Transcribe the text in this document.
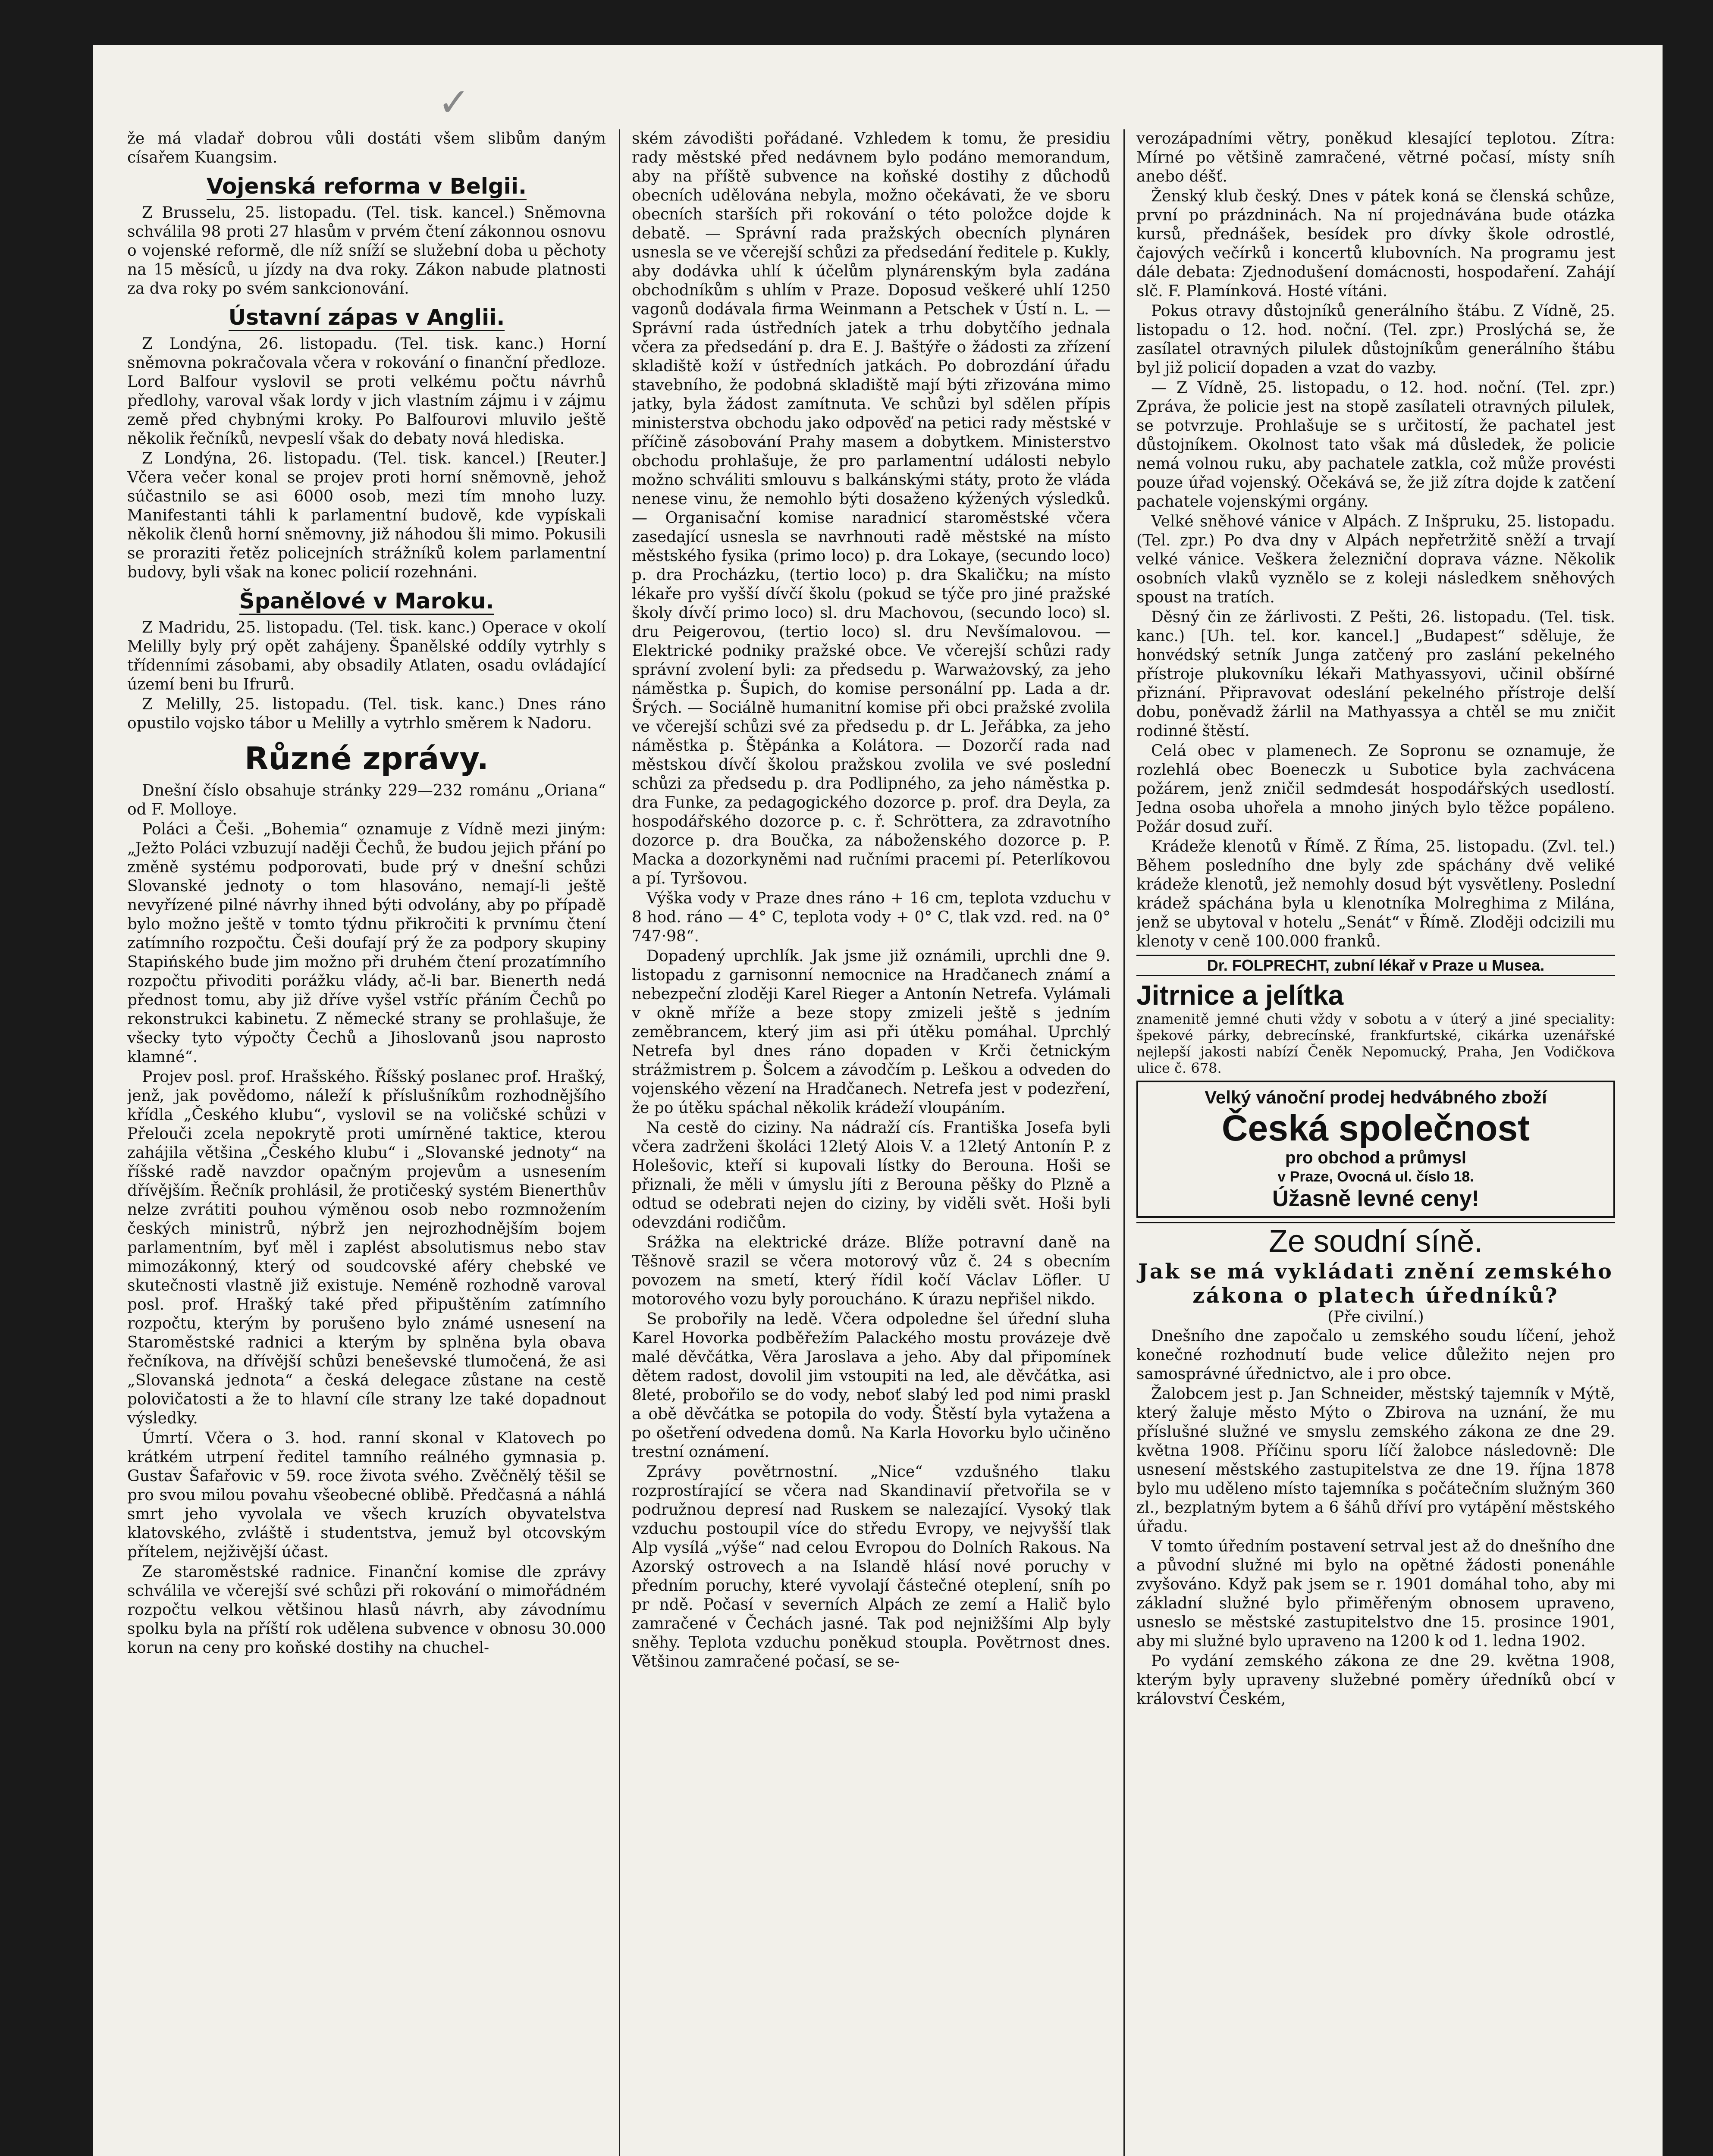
✓

že má vladař dobrou vůli dostáti všem slibům daným císařem Kuangsim.

Vojenská reforma v Belgii.

Z Brusselu, 25. listopadu. (Tel. tisk. kancel.) Sněmovna schválila 98 proti 27 hlasům v prvém čtení zákonnou osnovu o vojenské reformě, dle níž sníží se služební doba u pěchoty na 15 měsíců, u jízdy na dva roky. Zákon nabude platnosti za dva roky po svém sankcionování.

Ústavní zápas v Anglii.

Z Londýna, 26. listopadu. (Tel. tisk. kanc.) Horní sněmovna pokračovala včera v rokování o finanční předloze. Lord Balfour vyslovil se proti velkému počtu návrhů předlohy, varoval však lordy v jich vlastním zájmu i v zájmu země před chybnými kroky. Po Balfourovi mluvilo ještě několik řečníků, nevpeslí však do debaty nová hlediska.

Z Londýna, 26. listopadu. (Tel. tisk. kancel.) [Reuter.] Včera večer konal se projev proti horní sněmovně, jehož súčastnilo se asi 6000 osob, mezi tím mnoho luzy. Manifestanti táhli k parlamentní budově, kde vypískali několik členů horní sněmovny, již náhodou šli mimo. Pokusili se proraziti řetěz policejních strážníků kolem parlamentní budovy, byli však na konec policií rozehnáni.

Španělové v Maroku.

Z Madridu, 25. listopadu. (Tel. tisk. kanc.) Operace v okolí Melilly byly prý opět zahájeny. Španělské oddíly vytrhly s třídenními zásobami, aby obsadily Atlaten, osadu ovládající území beni bu Ifrurů.

Z Melilly, 25. listopadu. (Tel. tisk. kanc.) Dnes ráno opustilo vojsko tábor u Melilly a vytrhlo směrem k Nadoru.

Různé zprávy.

Dnešní číslo obsahuje stránky 229—232 románu „Oriana“ od F. Molloye.

Poláci a Češi. „Bohemia“ oznamuje z Vídně mezi jiným: „Ježto Poláci vzbuzují naději Čechů, že budou jejich přání po změně systému podporovati, bude prý v dnešní schůzi Slovanské jednoty o tom hlasováno, nemají-li ještě nevyřízené pilné návrhy ihned býti odvolány, aby po případě bylo možno ještě v tomto týdnu přikročiti k prvnímu čtení zatímního rozpočtu. Češi doufají prý že za podpory skupiny Stapińského bude jim možno při druhém čtení prozatímního rozpočtu přivoditi porážku vlády, ač-li bar. Bienerth nedá přednost tomu, aby již dříve vyšel vstříc přáním Čechů po rekonstrukci kabinetu. Z německé strany se prohlašuje, že všecky tyto výpočty Čechů a Jihoslovanů jsou naprosto klamné“.

Projev posl. prof. Hrašského. Říšský poslanec prof. Hrašký, jenž, jak povědomo, náleží k příslušníkům rozhodnějšího křídla „Českého klubu“, vyslovil se na voličské schůzi v Přelouči zcela nepokrytě proti umírněné taktice, kterou zahájila většina „Českého klubu“ i „Slovanské jednoty“ na říšské radě navzdor opačným projevům a usnesením dřívějším. Řečník prohlásil, že protičeský systém Bienerthův nelze zvrátiti pouhou výměnou osob nebo rozmnožením českých ministrů, nýbrž jen nejrozhodnějším bojem parlamentním, byť měl i zaplést absolutismus nebo stav mimozákonný, který od soudcovské aféry chebské ve skutečnosti vlastně již existuje. Neméně rozhodně varoval posl. prof. Hrašký také před připuštěním zatímního rozpočtu, kterým by porušeno bylo známé usnesení na Staroměstské radnici a kterým by splněna byla obava řečníkova, na dřívější schůzi beneševské tlumočená, že asi „Slovanská jednota“ a česká delegace zůstane na cestě polovičatosti a že to hlavní cíle strany lze také dopadnout výsledky.

Úmrtí. Včera o 3. hod. ranní skonal v Klatovech po krátkém utrpení ředitel tamního reálného gymnasia p. Gustav Šafařovic v 59. roce života svého. Zvěčnělý těšil se pro svou milou povahu všeobecné oblibě. Předčasná a náhlá smrt jeho vyvolala ve všech kruzích obyvatelstva klatovského, zvláště i studentstva, jemuž byl otcovským přítelem, nejživější účast.

Ze staroměstské radnice. Finanční komise dle zprávy schválila ve včerejší své schůzi při rokování o mimořádném rozpočtu velkou většinou hlasů návrh, aby závodnímu spolku byla na příští rok udělena subvence v obnosu 30.000 korun na ceny pro koňské dostihy na chuchel-

ském závodišti pořádané. Vzhledem k tomu, že presidiu rady městské před nedávnem bylo podáno memorandum, aby na příště subvence na koňské dostihy z důchodů obecních udělována nebyla, možno očekávati, že ve sboru obecních starších při rokování o této položce dojde k debatě. — Správní rada pražských obecních plynáren usnesla se ve včerejší schůzi za předsedání ředitele p. Kukly, aby dodávka uhlí k účelům plynárenským byla zadána obchodníkům s uhlím v Praze. Doposud veškeré uhlí 1250 vagonů dodávala firma Weinmann a Petschek v Ústí n. L. — Správní rada ústředních jatek a trhu dobytčího jednala včera za předsedání p. dra E. J. Baštýře o žádosti za zřízení skladiště koží v ústředních jatkách. Po dobrozdání úřadu stavebního, že podobná skladiště mají býti zřizována mimo jatky, byla žádost zamítnuta. Ve schůzi byl sdělen přípis ministerstva obchodu jako odpověď na petici rady městské v příčině zásobování Prahy masem a dobytkem. Ministerstvo obchodu prohlašuje, že pro parlamentní události nebylo možno schváliti smlouvu s balkánskými státy, proto že vláda nenese vinu, že nemohlo býti dosaženo kýžených výsledků. — Organisační komise naradnicí staroměstské včera zasedající usnesla se navrhnouti radě městské na místo městského fysika (primo loco) p. dra Lokaye, (secundo loco) p. dra Procházku, (tertio loco) p. dra Skaličku; na místo lékaře pro vyšší dívčí školu (pokud se týče pro jiné pražské školy dívčí primo loco) sl. dru Machovou, (secundo loco) sl. dru Peigerovou, (tertio loco) sl. dru Nevšímalovou. — Elektrické podniky pražské obce. Ve včerejší schůzi rady správní zvolení byli: za předsedu p. Warważovský, za jeho náměstka p. Šupich, do komise personální pp. Lada a dr. Šrých. — Sociálně humanitní komise při obci pražské zvolila ve včerejší schůzi své za předsedu p. dr L. Jeřábka, za jeho náměstka p. Štěpánka a Kolátora. — Dozorčí rada nad městskou dívčí školou pražskou zvolila ve své poslední schůzi za předsedu p. dra Podlipného, za jeho náměstka p. dra Funke, za pedagogického dozorce p. prof. dra Deyla, za hospodářského dozorce p. c. ř. Schröttera, za zdravotního dozorce p. dra Boučka, za náboženského dozorce p. P. Macka a dozorkyněmi nad ručními pracemi pí. Peterlíkovou a pí. Tyršovou.

Výška vody v Praze dnes ráno + 16 cm, teplota vzduchu v 8 hod. ráno — 4° C, teplota vody + 0° C, tlak vzd. red. na 0° 747·98“.

Dopadený uprchlík. Jak jsme již oznámili, uprchli dne 9. listopadu z garnisonní nemocnice na Hradčanech známí a nebezpeční zloději Karel Rieger a Antonín Netrefa. Vylámali v okně mříže a beze stopy zmizeli ještě s jedním zeměbrancem, který jim asi při útěku pomáhal. Uprchlý Netrefa byl dnes ráno dopaden v Krči četnickým strážmistrem p. Šolcem a závodčím p. Leškou a odveden do vojenského vězení na Hradčanech. Netrefa jest v podezření, že po útěku spáchal několik krádeží vloupáním.

Na cestě do ciziny. Na nádraží cís. Františka Josefa byli včera zadrženi školáci 12letý Alois V. a 12letý Antonín P. z Holešovic, kteří si kupovali lístky do Berouna. Hoši se přiznali, že měli v úmyslu jíti z Berouna pěšky do Plzně a odtud se odebrati nejen do ciziny, by viděli svět. Hoši byli odevzdáni rodičům.

Srážka na elektrické dráze. Blíže potravní daně na Těšnově srazil se včera motorový vůz č. 24 s obecním povozem na smetí, který řídil kočí Václav Löfler. U motorového vozu byly poroucháno. K úrazu nepřišel nikdo.

Se probořily na ledě. Včera odpoledne šel úřední sluha Karel Hovorka podběřežím Palackého mostu provázeje dvě malé děvčátka, Věra Jaroslava a jeho. Aby dal připomínek dětem radost, dovolil jim vstoupiti na led, ale děvčátka, asi 8leté, probořilo se do vody, neboť slabý led pod nimi praskl a obě děvčátka se potopila do vody. Štěstí byla vytažena a po ošetření odvedena domů. Na Karla Hovorku bylo učiněno trestní oznámení.

Zprávy povětrnostní. „Nice“ vzdušného tlaku rozprostírající se včera nad Skandinavií přetvořila se v podružnou depresí nad Ruskem se nalezající. Vysoký tlak vzduchu postoupil více do středu Evropy, ve nejvyšší tlak Alp vysílá „výše“ nad celou Evropou do Dolních Rakous. Na Azorský ostrovech a na Islandě hlásí nové poruchy v předním poruchy, které vyvolají částečné oteplení, sníh po pr ndě. Počasí v severních Alpách ze zemí a Halič bylo zamračené v Čechách jasné. Tak pod nejnižšími Alp byly sněhy. Teplota vzduchu poněkud stoupla. Povětrnost dnes. Většinou zamračené počasí, se se-

verozápadními větry, poněkud klesající teplotou. Zítra: Mírné po většině zamračené, větrné počasí, místy sníh anebo déšť.

Ženský klub český. Dnes v pátek koná se členská schůze, první po prázdninách. Na ní projednávána bude otázka kursů, přednášek, besídek pro dívky škole odrostlé, čajových večírků i koncertů klubovních. Na programu jest dále debata: Zjednodušení domácnosti, hospodaření. Zahájí slč. F. Plamínková. Hosté vítáni.

Pokus otravy důstojníků generálního štábu. Z Vídně, 25. listopadu o 12. hod. noční. (Tel. zpr.) Proslýchá se, že zasílatel otravných pilulek důstojníkům generálního štábu byl již policií dopaden a vzat do vazby.

— Z Vídně, 25. listopadu, o 12. hod. noční. (Tel. zpr.) Zpráva, že policie jest na stopě zasílateli otravných pilulek, se potvrzuje. Prohlašuje se s určitostí, že pachatel jest důstojníkem. Okolnost tato však má důsledek, že policie nemá volnou ruku, aby pachatele zatkla, což může provésti pouze úřad vojenský. Očekává se, že již zítra dojde k zatčení pachatele vojenskými orgány.

Velké sněhové vánice v Alpách. Z Inšpruku, 25. listopadu. (Tel. zpr.) Po dva dny v Alpách nepřetržitě sněží a trvají velké vánice. Veškera železniční doprava vázne. Několik osobních vlaků vyznělo se z koleji následkem sněhových spoust na tratích.

Děsný čin ze žárlivosti. Z Pešti, 26. listopadu. (Tel. tisk. kanc.) [Uh. tel. kor. kancel.] „Budapest“ sděluje, že honvédský setník Junga zatčený pro zaslání pekelného přístroje plukovníku lékaři Mathyassyovi, učinil obšírné přiznání. Připravovat odeslání pekelného přístroje delší dobu, poněvadž žárlil na Mathyassya a chtěl se mu zničit rodinné štěstí.

Celá obec v plamenech. Ze Sopronu se oznamuje, že rozlehlá obec Boeneczk u Subotice byla zachvácena požárem, jenž zničil sedmdesát hospodářských usedlostí. Jedna osoba uhořela a mnoho jiných bylo těžce popáleno. Požár dosud zuří.

Krádeže klenotů v Římě. Z Říma, 25. listopadu. (Zvl. tel.) Během posledního dne byly zde spáchány dvě veliké krádeže klenotů, jež nemohly dosud být vysvětleny. Poslední krádež spáchána byla u klenotníka Molreghima z Milána, jenž se ubytoval v hotelu „Senát“ v Římě. Zloději odcizili mu klenoty v ceně 100.000 franků.

Dr. FOLPRECHT, zubní lékař v Praze u Musea.
Jitrnice a jelítka
znamenitě jemné chuti vždy v sobotu a v úterý a jiné speciality: špekové párky, debrecínské, frankfurtské, cikárka uzenářské nejlepší jakosti nabízí Čeněk Nepomucký, Praha, Jen Vodičkova ulice č. 678.
Velký vánoční prodej hedvábného zboží
Česká společnost
pro obchod a průmysl
v Praze, Ovocná ul. číslo 18.
Úžasně levné ceny!
Ze soudní síně.
Jak se má vykládati znění zemského zákona o platech úředníků?
(Pře civilní.)

Dnešního dne započalo u zemského soudu líčení, jehož konečné rozhodnutí bude velice důležito nejen pro samosprávné úřednictvo, ale i pro obce.

Žalobcem jest p. Jan Schneider, městský tajemník v Mýtě, který žaluje město Mýto o Zbirova na uznání, že mu příslušné služné ve smyslu zemského zákona ze dne 29. května 1908. Příčinu sporu líčí žalobce následovně: Dle usnesení městského zastupitelstva ze dne 19. října 1878 bylo mu uděleno místo tajemníka s počátečním služným 360 zl., bezplatným bytem a 6 šáhů dříví pro vytápění městského úřadu.

V tomto úředním postavení setrval jest až do dnešního dne a původní služné mi bylo na opětné žádosti ponenáhle zvyšováno. Když pak jsem se r. 1901 domáhal toho, aby mi základní služné bylo přiměřeným obnosem upraveno, usneslo se městské zastupitelstvo dne 15. prosince 1901, aby mi služné bylo upraveno na 1200 k od 1. ledna 1902.

Po vydání zemského zákona ze dne 29. května 1908, kterým byly upraveny služebné poměry úředníků obcí v království Českém,
